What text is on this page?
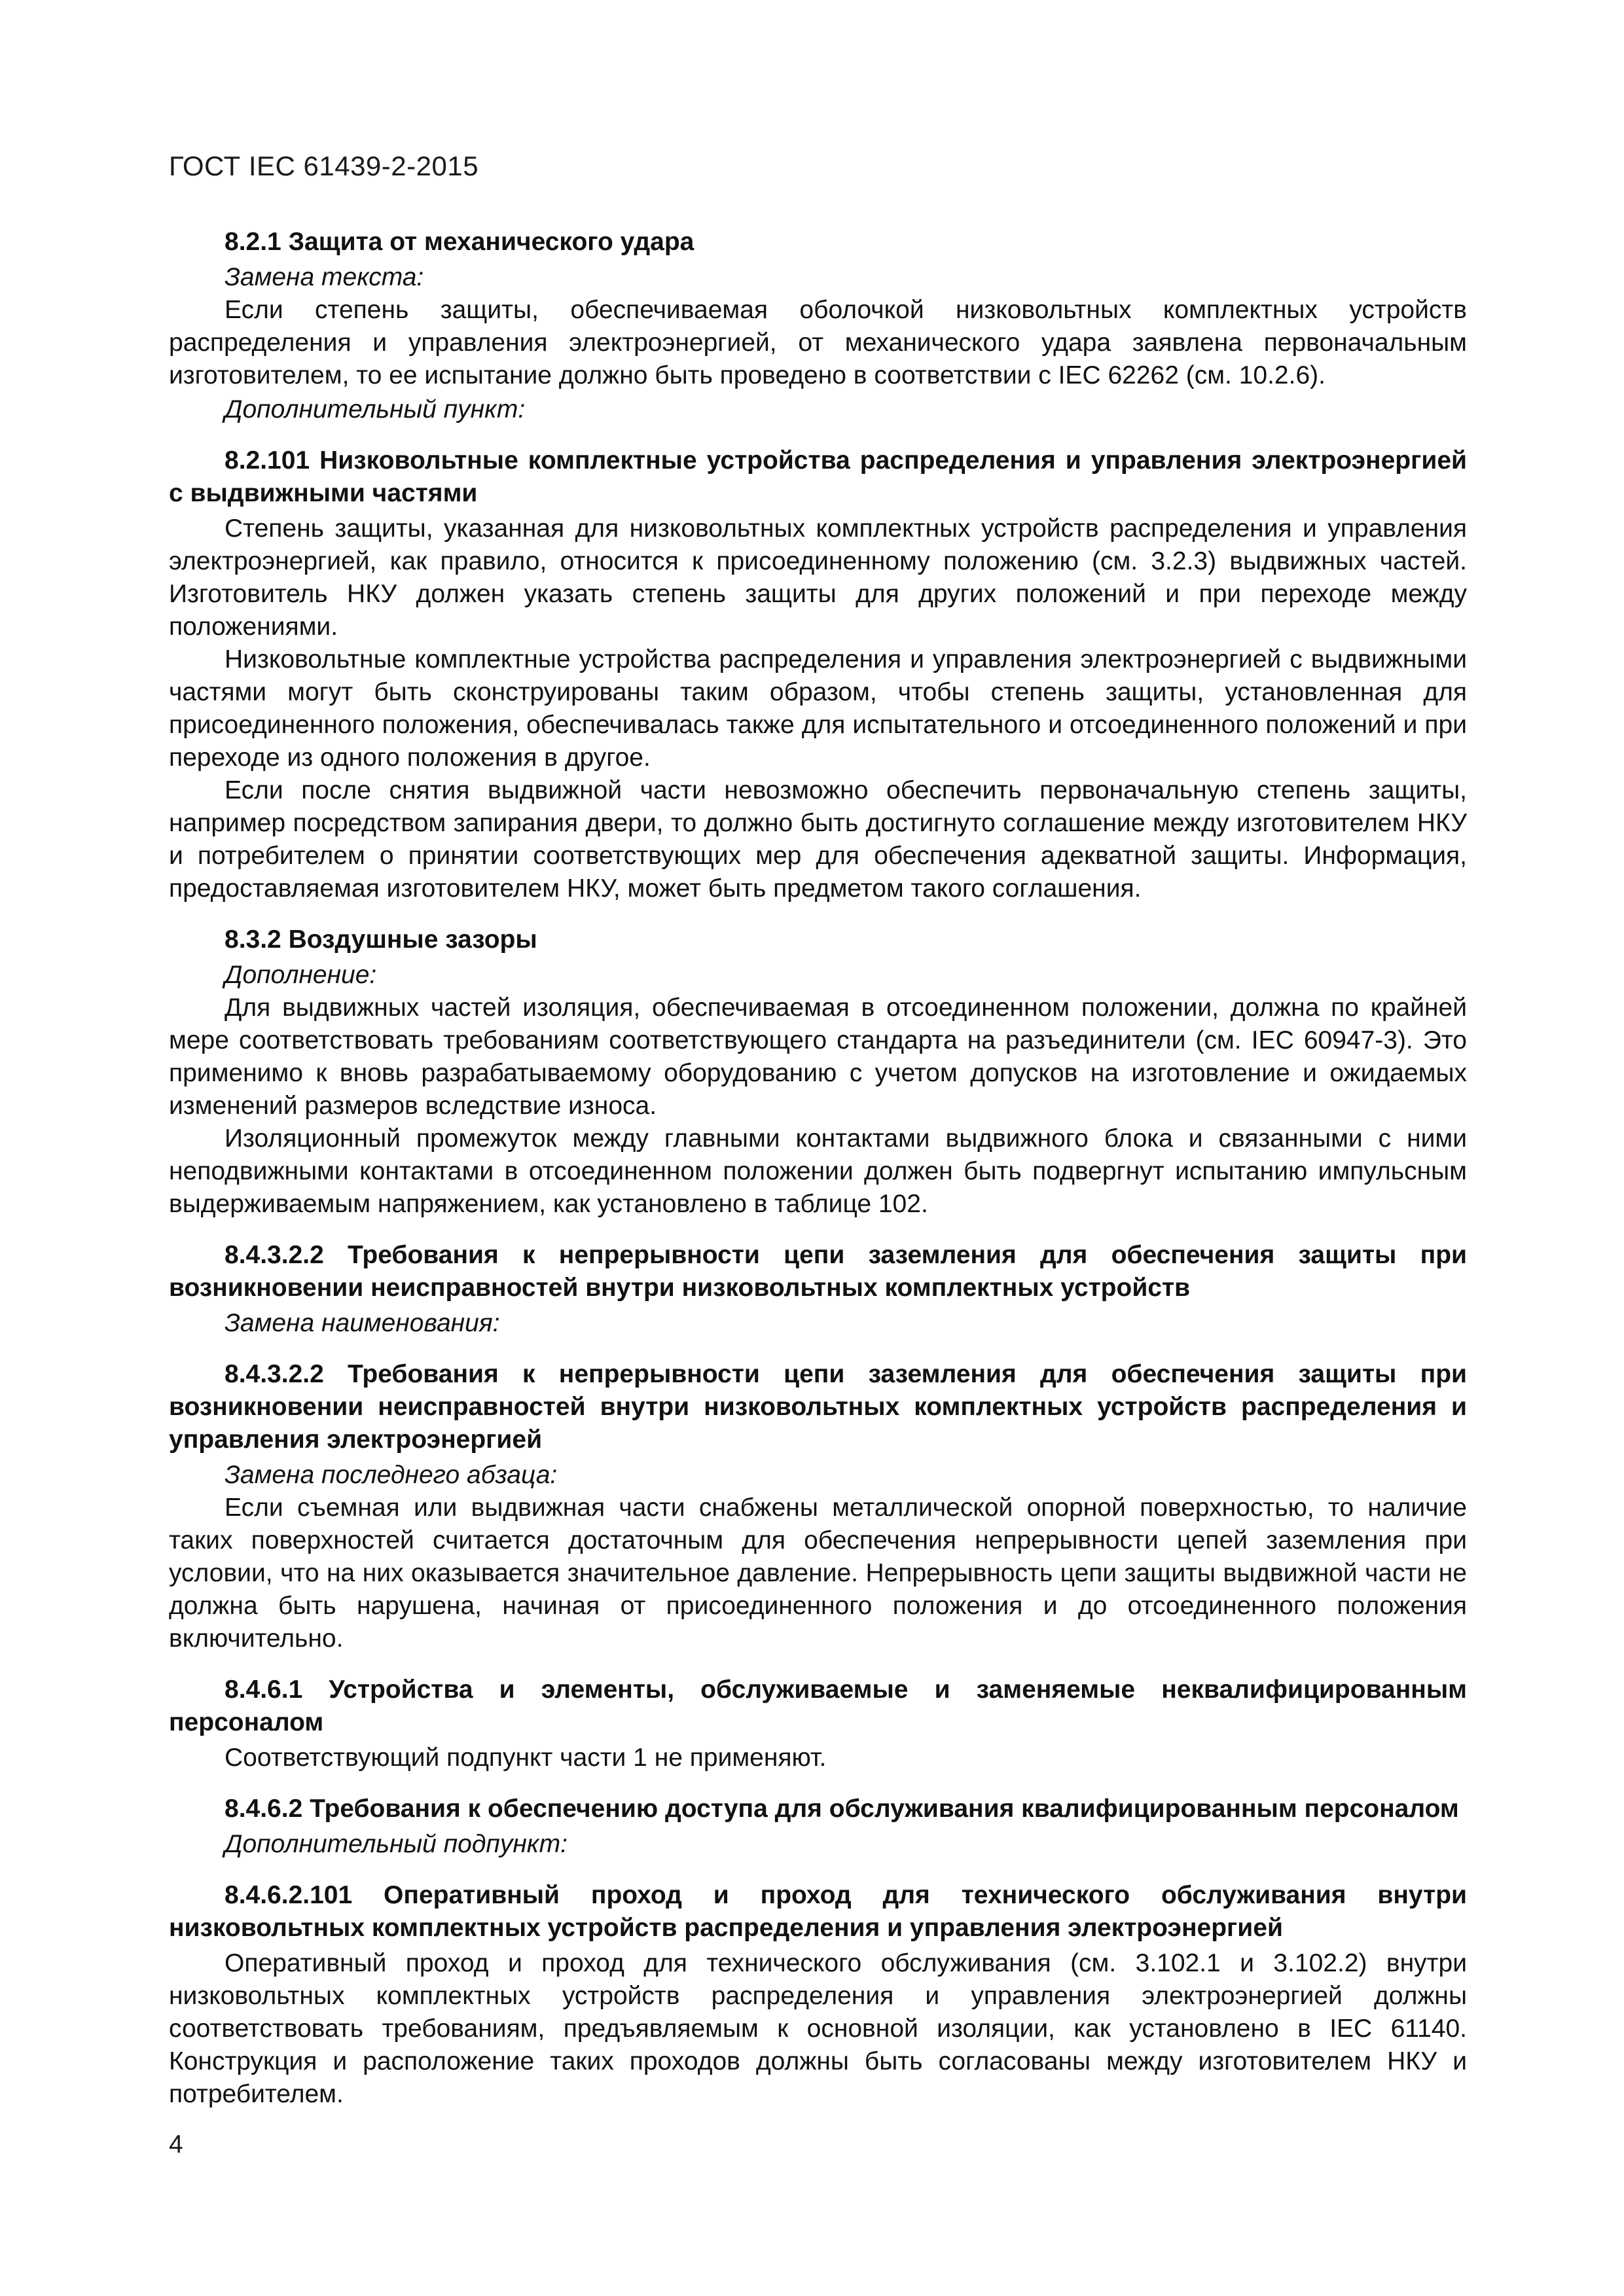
ГОСТ IEC 61439-2-2015

8.2.1 Защита от механического удара

Замена текста:

Если степень защиты, обеспечиваемая оболочкой низковольтных комплектных устройств распределения и управления электроэнергией, от механического удара заявлена первоначальным изготовителем, то ее испытание должно быть проведено в соответствии с IEC 62262 (см. 10.2.6).

Дополнительный пункт:

8.2.101 Низковольтные комплектные устройства распределения и управления электроэнергией с выдвижными частями

Степень защиты, указанная для низковольтных комплектных устройств распределения и управления электроэнергией, как правило, относится к присоединенному положению (см. 3.2.3) выдвижных частей. Изготовитель НКУ должен указать степень защиты для других положений и при переходе между положениями.

Низковольтные комплектные устройства распределения и управления электроэнергией с выдвижными частями могут быть сконструированы таким образом, чтобы степень защиты, установленная для присоединенного положения, обеспечивалась также для испытательного и отсоединенного положений и при переходе из одного положения в другое.

Если после снятия выдвижной части невозможно обеспечить первоначальную степень защиты, например посредством запирания двери, то должно быть достигнуто соглашение между изготовителем НКУ и потребителем о принятии соответствующих мер для обеспечения адекватной защиты. Информация, предоставляемая изготовителем НКУ, может быть предметом такого соглашения.

8.3.2 Воздушные зазоры

Дополнение:

Для выдвижных частей изоляция, обеспечиваемая в отсоединенном положении, должна по крайней мере соответствовать требованиям соответствующего стандарта на разъединители (см. IEC 60947-3). Это применимо к вновь разрабатываемому оборудованию с учетом допусков на изготовление и ожидаемых изменений размеров вследствие износа.

Изоляционный промежуток между главными контактами выдвижного блока и связанными с ними неподвижными контактами в отсоединенном положении должен быть подвергнут испытанию импульсным выдерживаемым напряжением, как установлено в таблице 102.

8.4.3.2.2 Требования к непрерывности цепи заземления для обеспечения защиты при возникновении неисправностей внутри низковольтных комплектных устройств

Замена наименования:

8.4.3.2.2 Требования к непрерывности цепи заземления для обеспечения защиты при возникновении неисправностей внутри низковольтных комплектных устройств распределения и управления электроэнергией

Замена последнего абзаца:

Если съемная или выдвижная части снабжены металлической опорной поверхностью, то наличие таких поверхностей считается достаточным для обеспечения непрерывности цепей заземления при условии, что на них оказывается значительное давление. Непрерывность цепи защиты выдвижной части не должна быть нарушена, начиная от присоединенного положения и до отсоединенного положения включительно.

8.4.6.1 Устройства и элементы, обслуживаемые и заменяемые неквалифицированным персоналом

Соответствующий подпункт части 1 не применяют.

8.4.6.2 Требования к обеспечению доступа для обслуживания квалифицированным персоналом

Дополнительный подпункт:

8.4.6.2.101 Оперативный проход и проход для технического обслуживания внутри низковольтных комплектных устройств распределения и управления электроэнергией

Оперативный проход и проход для технического обслуживания (см. 3.102.1 и 3.102.2) внутри низковольтных комплектных устройств распределения и управления электроэнергией должны соответствовать требованиям, предъявляемым к основной изоляции, как установлено в IEC 61140. Конструкция и расположение таких проходов должны быть согласованы между изготовителем НКУ и потребителем.

4
